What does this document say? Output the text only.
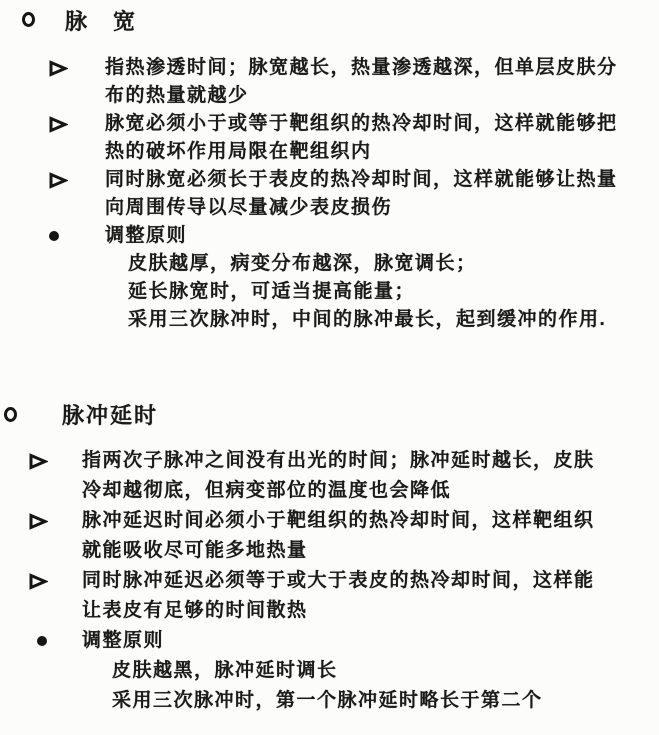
脉　宽
指热渗透时间；脉宽越长，热量渗透越深，但单层皮肤分
布的热量就越少
脉宽必须小于或等于靶组织的热冷却时间，这样就能够把
热的破坏作用局限在靶组织内
同时脉宽必须长于表皮的热冷却时间，这样就能够让热量
向周围传导以尽量减少表皮损伤
调整原则
皮肤越厚，病变分布越深，脉宽调长；
延长脉宽时，可适当提高能量；
采用三次脉冲时，中间的脉冲最长，起到缓冲的作用.
脉冲延时
指两次子脉冲之间没有出光的时间；脉冲延时越长，皮肤
冷却越彻底，但病变部位的温度也会降低
脉冲延迟时间必须小于靶组织的热冷却时间，这样靶组织
就能吸收尽可能多地热量
同时脉冲延迟必须等于或大于表皮的热冷却时间，这样能
让表皮有足够的时间散热
调整原则
皮肤越黑，脉冲延时调长
采用三次脉冲时，第一个脉冲延时略长于第二个
